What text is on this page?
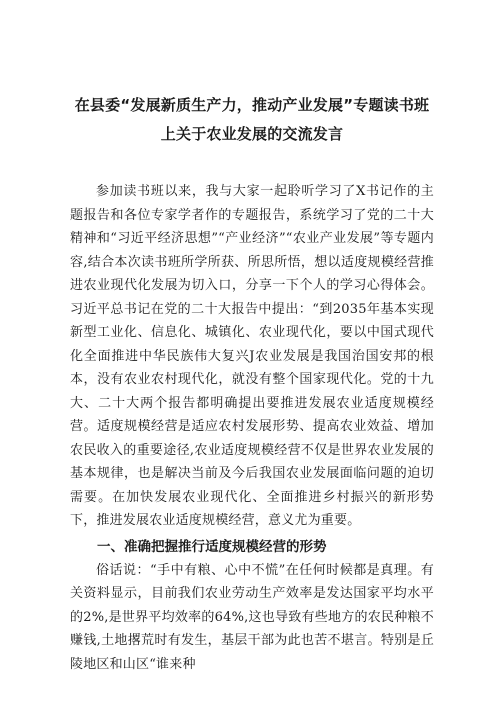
在县委“发展新质生产力，推动产业发展”专题读书班
上关于农业发展的交流发言

参加读书班以来，我与大家一起聆听学习了X书记作的主题报告和各位专家学者作的专题报告，系统学习了党的二十大精神和“习近平经济思想”“产业经济”“农业产业发展”等专题内容,结合本次读书班所学所获、所思所悟，想以适度规模经营推进农业现代化发展为切入口，分享一下个人的学习心得体会。习近平总书记在党的二十大报告中提出：“到2035年基本实现新型工业化、信息化、城镇化、农业现代化，要以中国式现代化全面推进中华民族伟大复兴J农业发展是我国治国安邦的根本，没有农业农村现代化，就没有整个国家现代化。党的十九大、二十大两个报告都明确提出要推进发展农业适度规模经营。适度规模经营是适应农村发展形势、提高农业效益、增加农民收入的重要途径,农业适度规模经营不仅是世界农业发展的基本规律，也是解决当前及今后我国农业发展面临问题的迫切需要。在加快发展农业现代化、全面推进乡村振兴的新形势下，推进发展农业适度规模经营，意义尤为重要。

一、准确把握推行适度规模经营的形势

俗话说：“手中有粮、心中不慌”在任何时候都是真理。有关资料显示，目前我们农业劳动生产效率是发达国家平均水平的2%,是世界平均效率的64%,这也导致有些地方的农民种粮不赚钱,土地撂荒时有发生，基层干部为此也苦不堪言。特别是丘陵地区和山区“谁来种
